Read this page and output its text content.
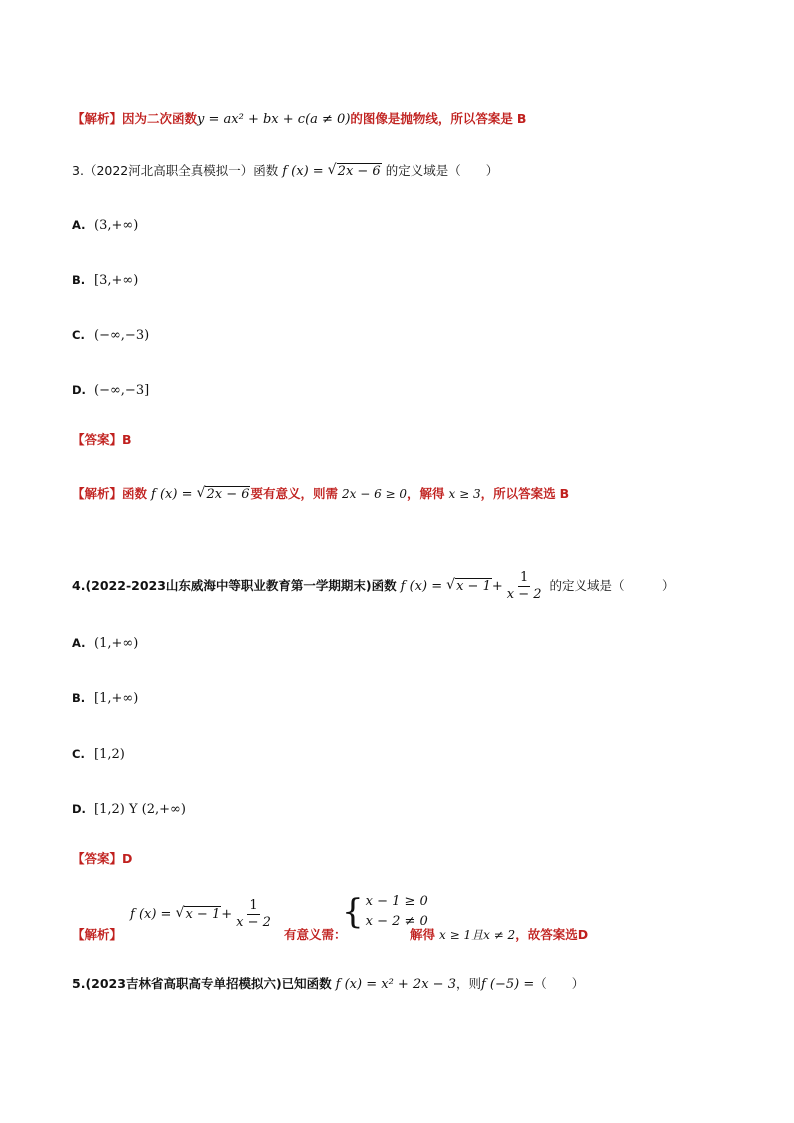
【解析】因为二次函数y = ax² + bx + c(a ≠ 0)的图像是抛物线，所以答案是 B
3.（2022河北高职全真模拟一）函数 f (x) = √ 2x − 6 的定义域是（　　）
A. (3,+∞)
B. [3,+∞)
C. (−∞,−3)
D. (−∞,−3]
【答案】B
【解析】函数 f (x) = √ 2x − 6要有意义，则需 2x − 6 ≥ 0，解得 x ≥ 3，所以答案选 B
4.(2022-2023山东威海中等职业教育第一学期期末)函数 f (x) = √ $x - 1+ \frac{1}{x - 2}$ 的定义域是（　　　）
A. (1,+∞)
B. [1,+∞)
C. [1,2)
D. [1,2) Y (2,+∞)
【答案】D
【解析】
f (x) =	√ $x - 1 + \frac{1}{x - 2}$
有意义需：
{ x − 1 ≥ 0
x − 2 ≠ 0
解得 x ≥ 1且x ≠ 2，故答案选D
5.(2023吉林省高职高专单招模拟六)已知函数 f (x) = x² + 2x − 3，则f (−5) =（　　）
